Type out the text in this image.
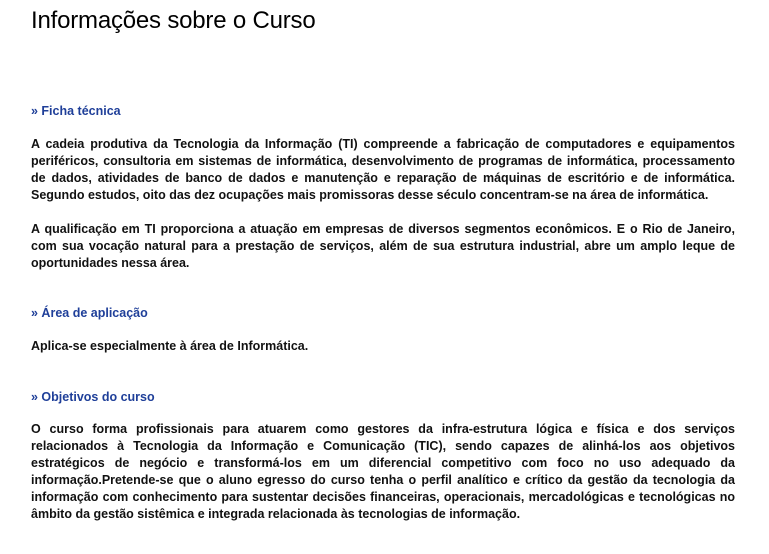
Informações sobre o Curso
» Ficha técnica

A cadeia produtiva da Tecnologia da Informação (TI) compreende a fabricação de computadores e equipamentos periféricos, consultoria em sistemas de informática, desenvolvimento de programas de informática, processamento de dados, atividades de banco de dados e manutenção e reparação de máquinas de escritório e de informática. Segundo estudos, oito das dez ocupações mais promissoras desse século concentram-se na área de informática.

A qualificação em TI proporciona a atuação em empresas de diversos segmentos econômicos. E o Rio de Janeiro, com sua vocação natural para a prestação de serviços, além de sua estrutura industrial, abre um amplo leque de oportunidades nessa área.

» Área de aplicação

Aplica-se especialmente à área de Informática.

» Objetivos do curso

O curso forma profissionais para atuarem como gestores da infra-estrutura lógica e física e dos serviços relacionados à Tecnologia da Informação e Comunicação (TIC), sendo capazes de alinhá-los aos objetivos estratégicos de negócio e transformá-los em um diferencial competitivo com foco no uso adequado da informação.Pretende-se que o aluno egresso do curso tenha o perfil analítico e crítico da gestão da tecnologia da informação com conhecimento para sustentar decisões financeiras, operacionais, mercadológicas e tecnológicas no âmbito da gestão sistêmica e integrada relacionada às tecnologias de informação.
